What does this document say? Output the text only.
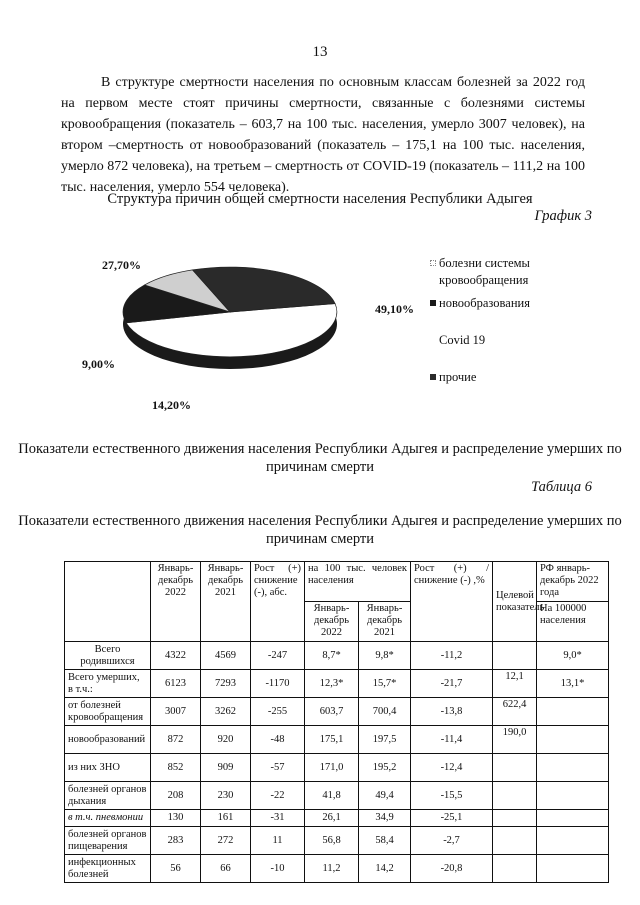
13

В структуре смертности населения по основным классам болезней за 2022 год на первом месте стоят причины смертности, связанные с болезнями системы кровообращения (показатель – 603,7 на 100 тыс. населения, умерло 3007 человек), на втором –смертность от новообразований (показатель – 175,1 на 100 тыс. населения, умерло 872 человека), на третьем – смертность от COVID-19 (показатель – 111,2 на 100 тыс. населения, умерло 554 человека).

Структура причин общей смертности населения Республики Адыгея
График 3
27,70%
49,10%
9,00%
14,20%
болезни системы кровообращения
новообразования
Covid 19
прочие
Показатели естественного движения населения Республики Адыгея и распределение умерших по причинам смерти
Таблица 6
Показатели естественного движения населения Республики Адыгея и распределение умерших по причинам смерти
	Январь-декабрь 2022	Январь-декабрь 2021	Рост (+) снижение (-), абс.	на 100 тыс. человек населения		Рост (+) / снижение (-) ,%	Целевой показатель	РФ январь-декабрь 2022 года
				Январь-декабрь 2022	Январь-декабрь 2021			На 100000 населения
Всего родившихся	4322	4569	-247	8,7*	9,8*	-11,2		9,0*
Всего умерших, в т.ч.:	6123	7293	-1170	12,3*	15,7*	-21,7	12,1	13,1*
от болезней кровообращения	3007	3262	-255	603,7	700,4	-13,8	622,4	
новообразований	872	920	-48	175,1	197,5	-11,4	190,0	
из них ЗНО	852	909	-57	171,0	195,2	-12,4		
болезней органов дыхания	208	230	-22	41,8	49,4	-15,5		
в т.ч. пневмонии	130	161	-31	26,1	34,9	-25,1		
болезней органов пищеварения	283	272	11	56,8	58,4	-2,7		
инфекционных болезней	56	66	-10	11,2	14,2	-20,8		
